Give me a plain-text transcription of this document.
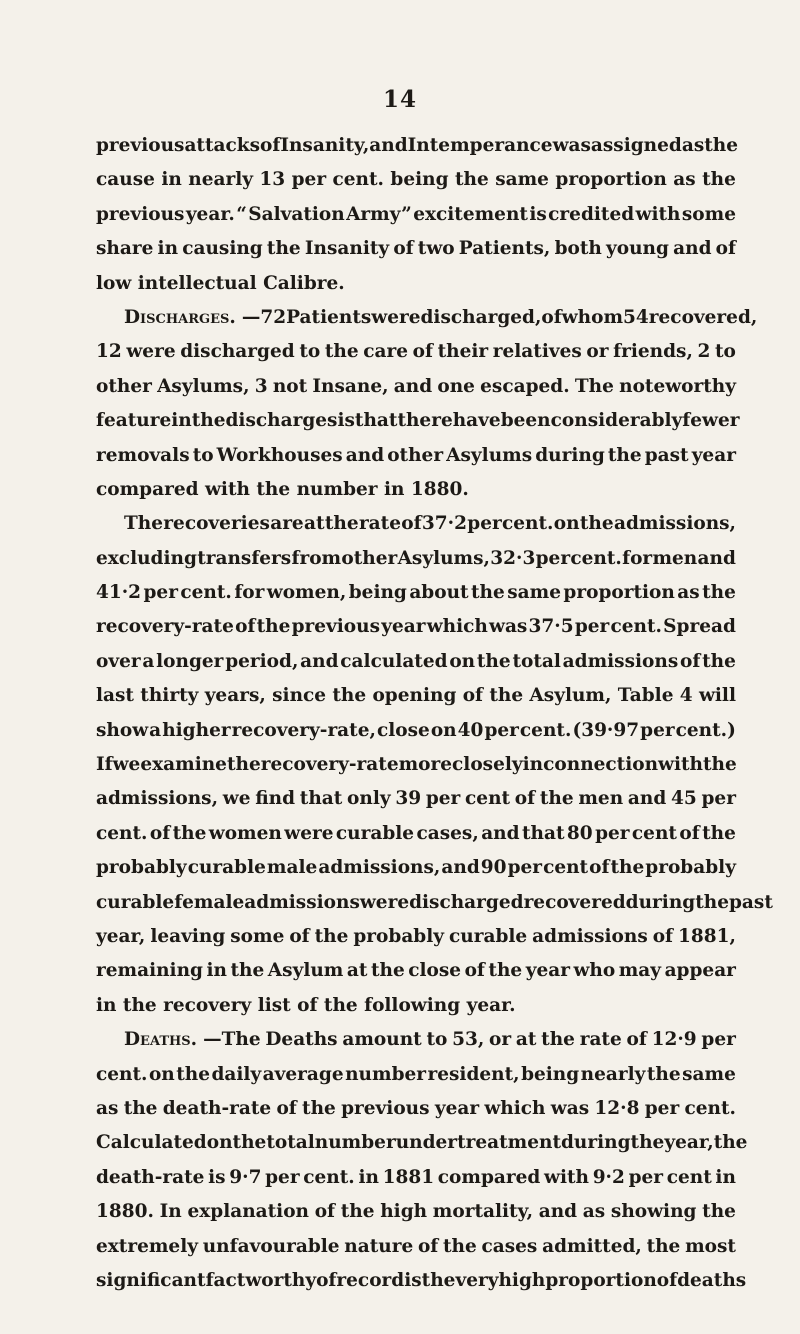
14
previous attacks of Insanity, and Intemperance was assigned as the
cause in nearly 13 per cent. being the same proportion as the
previous year. “ Salvation Army” excitement is credited with some
share in causing the Insanity of two Patients, both young and of
low intellectual Calibre.
Discharges. —72 Patients were discharged, of whom 54 recovered,
12 were discharged to the care of their relatives or friends, 2 to
other Asylums, 3 not Insane, and one escaped. The noteworthy
feature in the discharges is that there have been considerably fewer
removals to Workhouses and other Asylums during the past year
compared with the number in 1880.
The recoveries are at the rate of 37·2 per cent. on the admissions,
excluding transfers from other Asylums, 32·3 per cent. for men and
41·2 per cent. for women, being about the same proportion as the
recovery-rate of the previous year which was 37·5 per cent. Spread
over a longer period, and calculated on the total admissions of the
last thirty years, since the opening of the Asylum, Table 4 will
show a higher recovery-rate, close on 40 per cent. (39·97 per cent.)
If we examine the recovery-rate more closely in connection with the
admissions, we find that only 39 per cent of the men and 45 per
cent. of the women were curable cases, and that 80 per cent of the
probably curable male admissions, and 90 per cent of the probably
curable female admissions were discharged recovered during the past
year, leaving some of the probably curable admissions of 1881,
remaining in the Asylum at the close of the year who may appear
in the recovery list of the following year.
Deaths. —The Deaths amount to 53, or at the rate of 12·9 per
cent. on the daily average number resident, being nearly the same
as the death-rate of the previous year which was 12·8 per cent.
Calculated on the total number under treatment during the year, the
death-rate is 9·7 per cent. in 1881 compared with 9·2 per cent in
1880. In explanation of the high mortality, and as showing the
extremely unfavourable nature of the cases admitted, the most
significant fact worthy of record is the very high proportion of deaths
